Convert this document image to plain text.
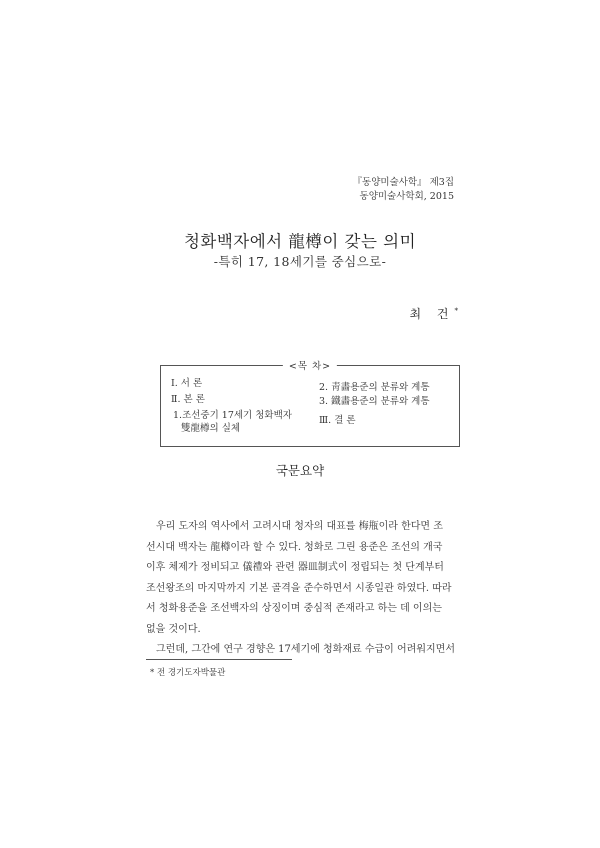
『동양미술사학』 제3집
동양미술사학회, 2015
청화백자에서 龍樽이 갖는 의미
-특히 17, 18세기를 중심으로-
최 건*
<목 차>
Ⅰ. 서 론
Ⅱ. 본 론
1.조선중기 17세기 청화백자
雙龍樽의 실체
2. 靑畵용준의 분류와 계통
3. 鐵畵용준의 분류와 계통
Ⅲ. 결 론
국문요약
우리 도자의 역사에서 고려시대 청자의 대표를 梅甁이라 한다면 조
선시대 백자는 龍樽이라 할 수 있다. 청화로 그린 용준은 조선의 개국
이후 체제가 정비되고 儀禮와 관련 器皿制式이 정립되는 첫 단계부터
조선왕조의 마지막까지 기본 골격을 준수하면서 시종일관 하였다. 따라
서 청화용준을 조선백자의 상징이며 중심적 존재라고 하는 데 이의는
없을 것이다.
그런데, 그간에 연구 경향은 17세기에 청화재료 수급이 어려워지면서
* 전 경기도자박물관
